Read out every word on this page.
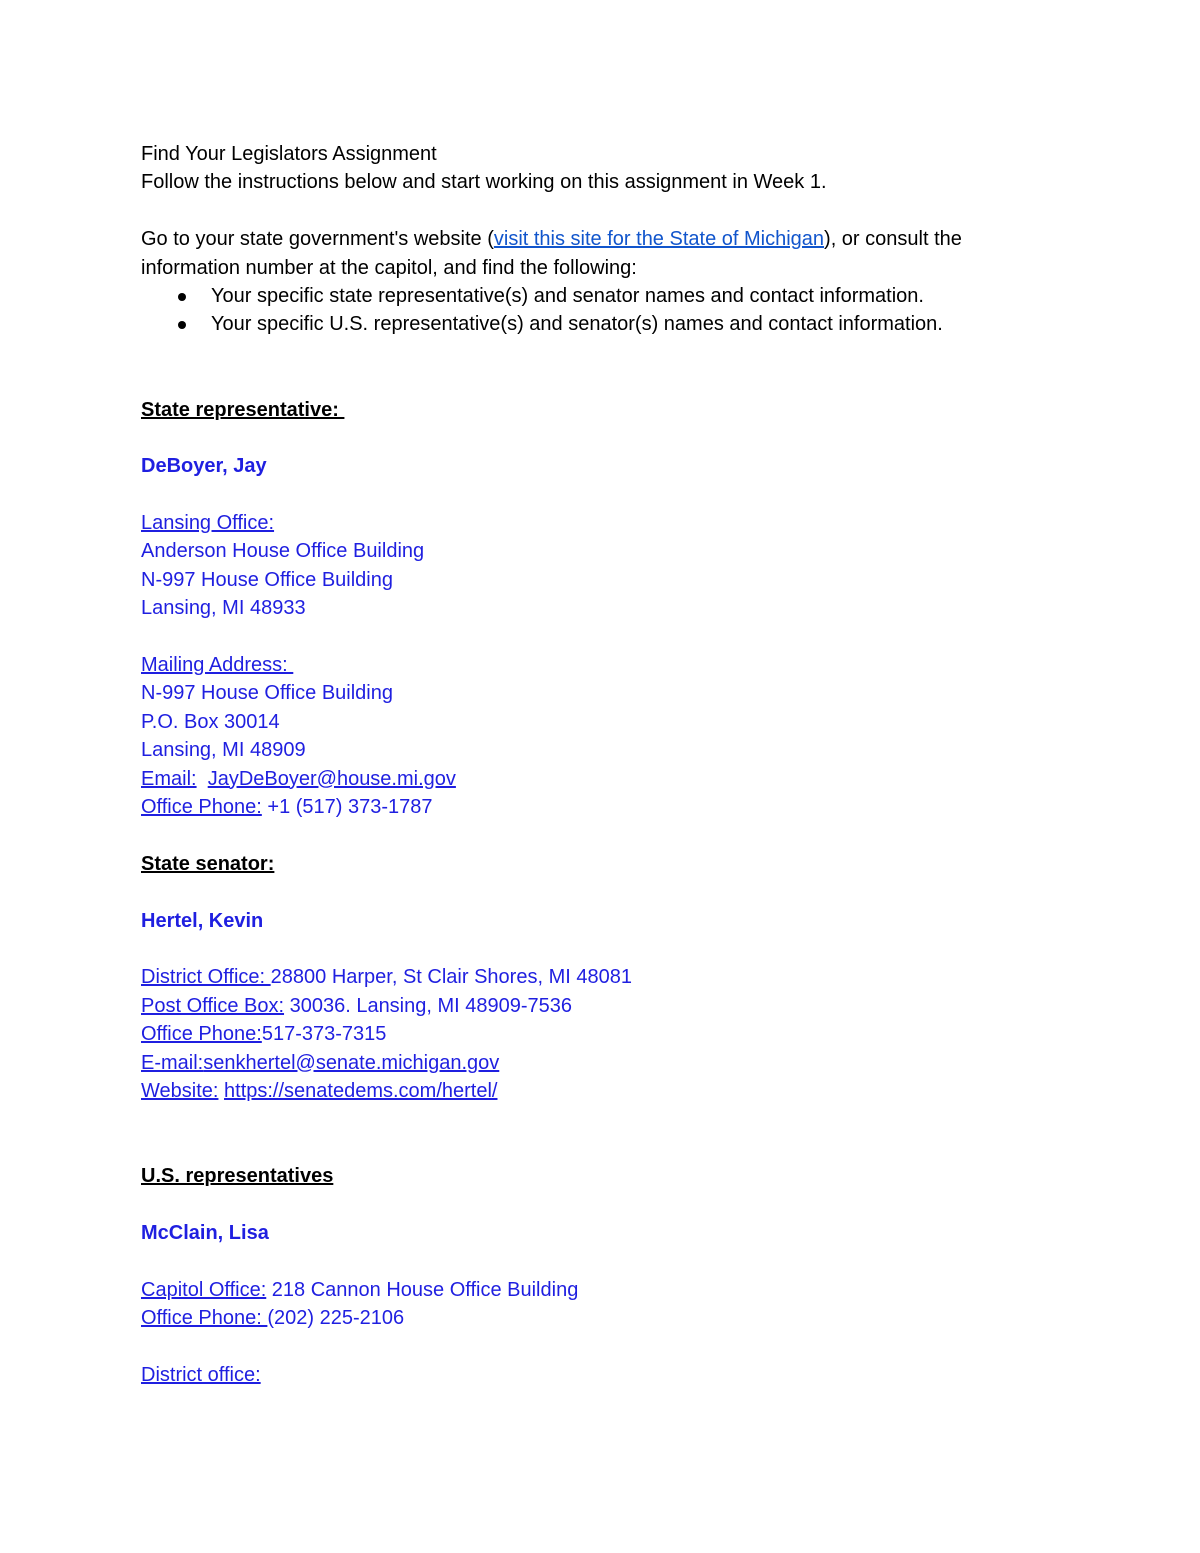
Find Your Legislators Assignment
Follow the instructions below and start working on this assignment in Week 1.
Go to your state government's website (visit this site for the State of Michigan), or consult the
information number at the capitol, and find the following:
Your specific state representative(s) and senator names and contact information.
Your specific U.S. representative(s) and senator(s) names and contact information.
State representative:
DeBoyer, Jay
Lansing Office:
Anderson House Office Building
N-997 House Office Building
Lansing, MI 48933
Mailing Address:
N-997 House Office Building
P.O. Box 30014
Lansing, MI 48909
Email: JayDeBoyer@house.mi.gov
Office Phone: +1 (517) 373-1787
State senator:
Hertel, Kevin
District Office: 28800 Harper, St Clair Shores, MI 48081
Post Office Box: 30036. Lansing, MI 48909-7536
Office Phone:517-373-7315
E-mail:senkhertel@senate.michigan.gov
Website: https://senatedems.com/hertel/
U.S. representatives
McClain, Lisa
Capitol Office: 218 Cannon House Office Building
Office Phone: (202) 225-2106
District office:
